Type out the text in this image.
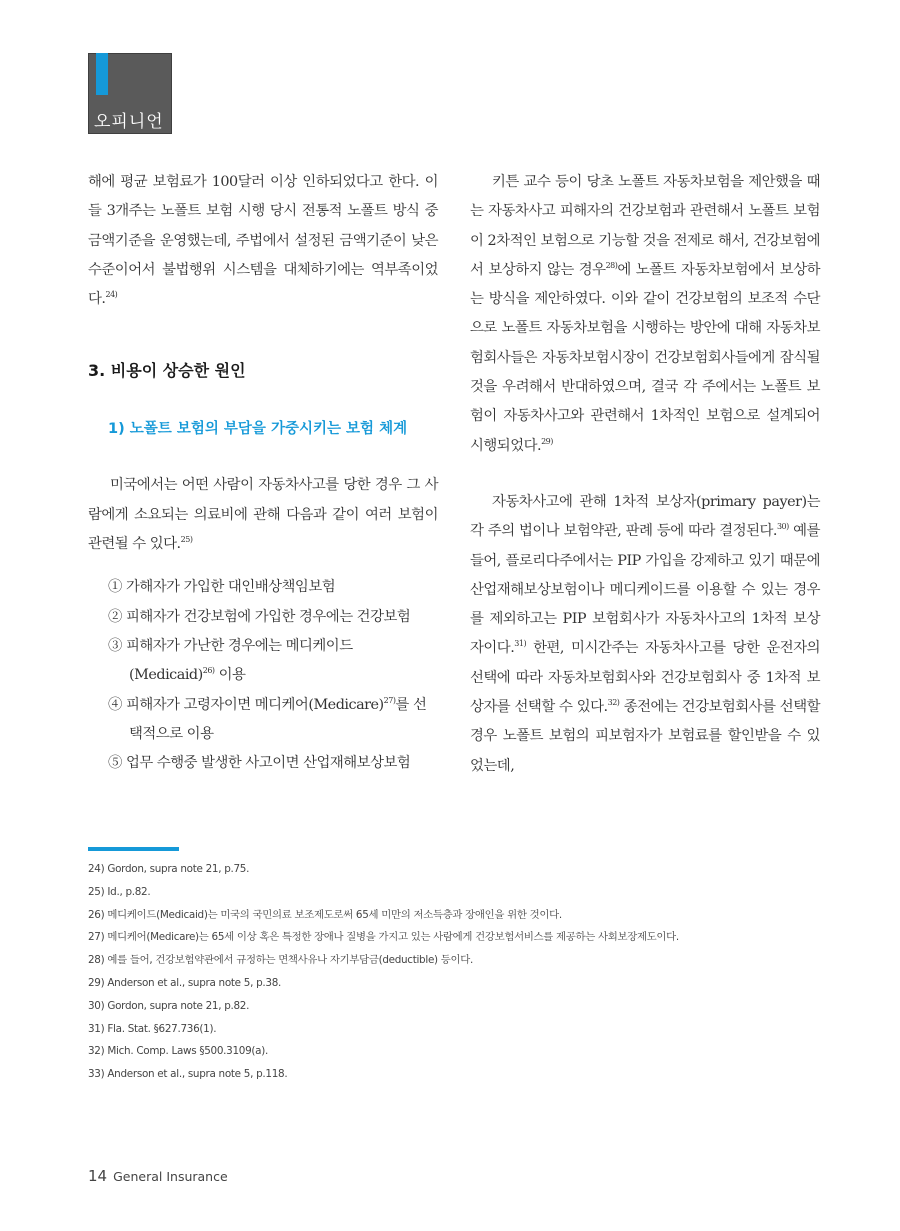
오피니언

해에 평균 보험료가 100달러 이상 인하되었다고 한다. 이들 3개주는 노폴트 보험 시행 당시 전통적 노폴트 방식 중 금액기준을 운영했는데, 주법에서 설정된 금액기준이 낮은 수준이어서 불법행위 시스템을 대체하기에는 역부족이었다.$^{24)}$

3. 비용이 상승한 원인
1) 노폴트 보험의 부담을 가중시키는 보험 체계

미국에서는 어떤 사람이 자동차사고를 당한 경우 그 사람에게 소요되는 의료비에 관해 다음과 같이 여러 보험이 관련될 수 있다.$^{25)}$

① 가해자가 가입한 대인배상책임보험
② 피해자가 건강보험에 가입한 경우에는 건강보험
③ 피해자가 가난한 경우에는 메디케이드(Medicaid)$^{26)}$ 이용
④ 피해자가 고령자이면 메디케어(Medicare)$^{27)}$를 선택적으로 이용
⑤ 업무 수행중 발생한 사고이면 산업재해보상보험

키튼 교수 등이 당초 노폴트 자동차보험을 제안했을 때는 자동차사고 피해자의 건강보험과 관련해서 노폴트 보험이 2차적인 보험으로 기능할 것을 전제로 해서, 건강보험에서 보상하지 않는 경우$^{28)}$에 노폴트 자동차보험에서 보상하는 방식을 제안하였다. 이와 같이 건강보험의 보조적 수단으로 노폴트 자동차보험을 시행하는 방안에 대해 자동차보험회사들은 자동차보험시장이 건강보험회사들에게 잠식될 것을 우려해서 반대하였으며, 결국 각 주에서는 노폴트 보험이 자동차사고와 관련해서 1차적인 보험으로 설계되어 시행되었다.$^{29)}$

자동차사고에 관해 1차적 보상자(primary payer)는 각 주의 법이나 보험약관, 판례 등에 따라 결정된다.$^{30)}$ 예를 들어, 플로리다주에서는 PIP 가입을 강제하고 있기 때문에 산업재해보상보험이나 메디케이드를 이용할 수 있는 경우를 제외하고는 PIP 보험회사가 자동차사고의 1차적 보상자이다.$^{31)}$ 한편, 미시간주는 자동차사고를 당한 운전자의 선택에 따라 자동차보험회사와 건강보험회사 중 1차적 보상자를 선택할 수 있다.$^{32)}$ 종전에는 건강보험회사를 선택할 경우 노폴트 보험의 피보험자가 보험료를 할인받을 수 있었는데,

24) Gordon, supra note 21, p.75.
25) Id., p.82.
26) 메디케이드(Medicaid)는 미국의 국민의료 보조제도로써 65세 미만의 저소득층과 장애인을 위한 것이다.
27) 메디케어(Medicare)는 65세 이상 혹은 특정한 장애나 질병을 가지고 있는 사람에게 건강보험서비스를 제공하는 사회보장제도이다.
28) 예를 들어, 건강보험약관에서 규정하는 면책사유나 자기부담금(deductible) 등이다.
29) Anderson et al., supra note 5, p.38.
30) Gordon, supra note 21, p.82.
31) Fla. Stat. §627.736(1).
32) Mich. Comp. Laws §500.3109(a).
33) Anderson et al., supra note 5, p.118.
14 General Insurance
